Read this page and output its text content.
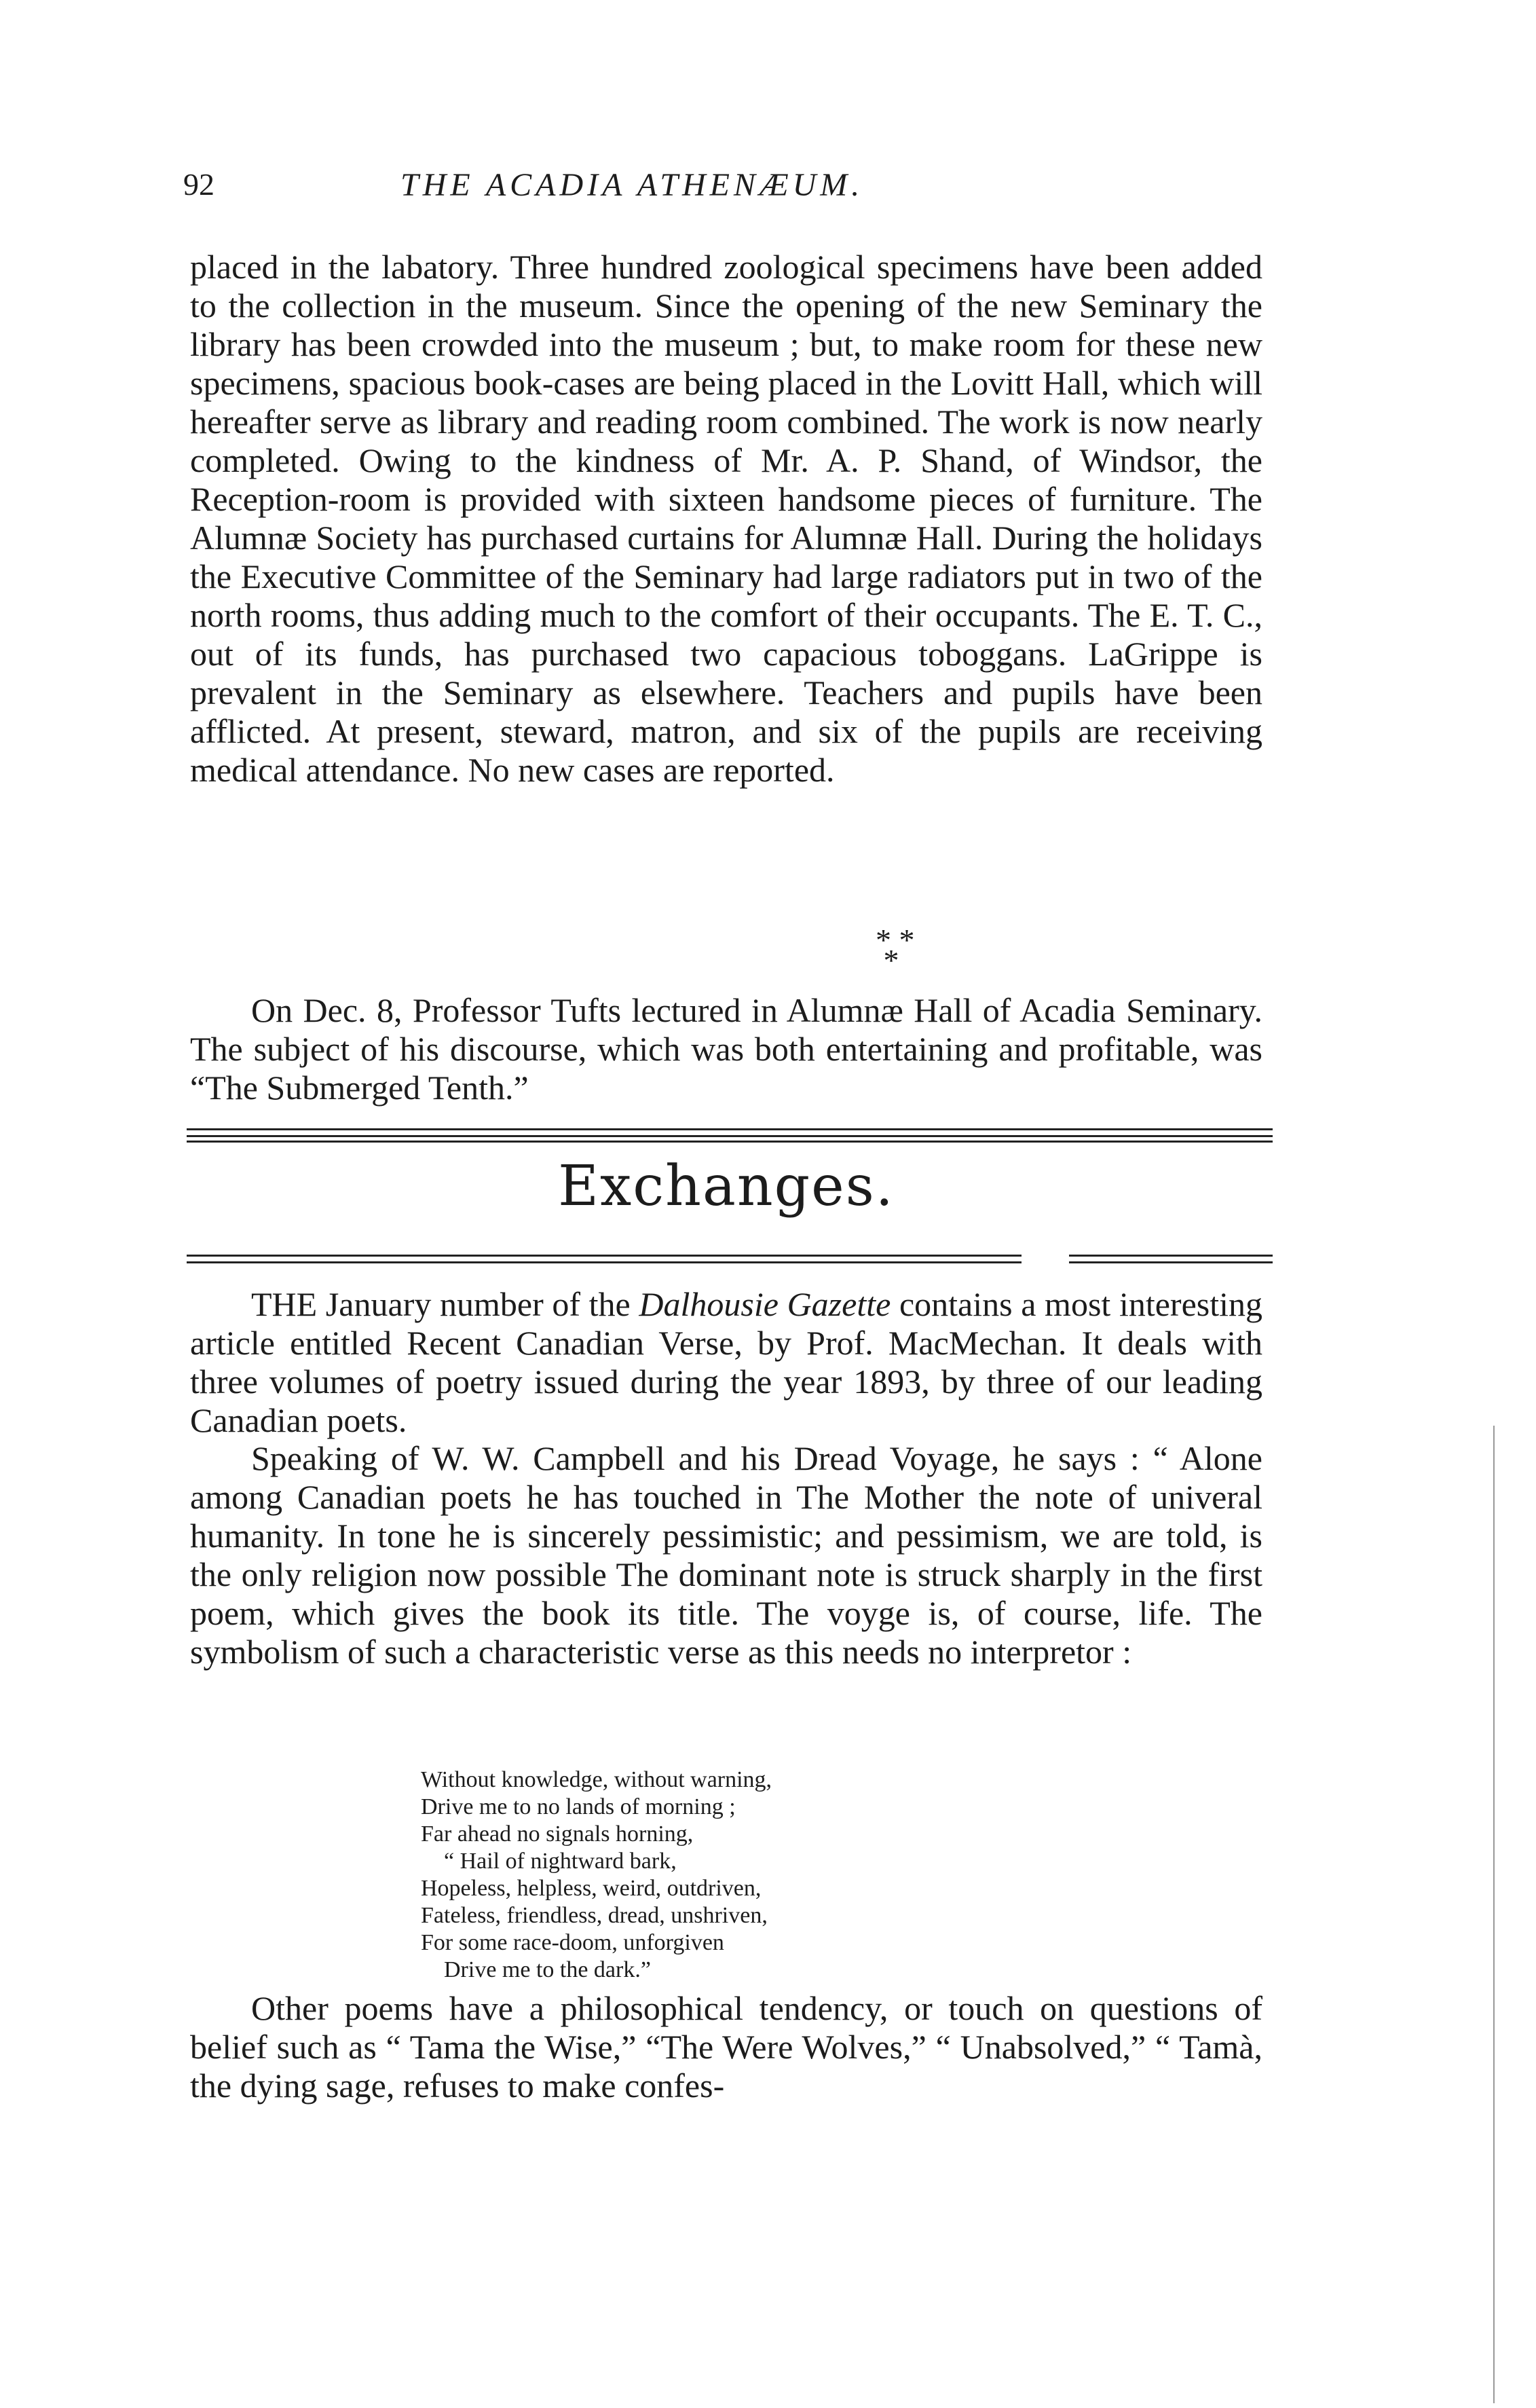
92	THE ACADIA ATHENÆUM.

placed in the labatory. Three hundred zoological specimens have been added to the collection in the museum. Since the opening of the new Seminary the library has been crowded into the museum ; but, to make room for these new specimens, spacious book-cases are being placed in the Lovitt Hall, which will hereafter serve as library and reading room combined. The work is now nearly completed. Owing to the kindness of Mr. A. P. Shand, of Windsor, the Reception-room is provided with sixteen handsome pieces of furniture. The Alumnæ Society has purchased curtains for Alumnæ Hall. During the holidays the Executive Committee of the Seminary had large radiators put in two of the north rooms, thus adding much to the comfort of their occupants. The E. T. C., out of its funds, has purchased two capacious toboggans. LaGrippe is prevalent in the Seminary as elsewhere. Teachers and pupils have been afflicted. At present, steward, matron, and six of the pupils are receiving medical attendance. No new cases are reported.

* *
*

On Dec. 8, Professor Tufts lectured in Alumnæ Hall of Acadia Seminary. The subject of his discourse, which was both entertaining and profitable, was “The Submerged Tenth.”

Exchanges.

THE January number of the Dalhousie Gazette contains a most interesting article entitled Recent Canadian Verse, by Prof. MacMechan. It deals with three volumes of poetry issued during the year 1893, by three of our leading Canadian poets.

Speaking of W. W. Campbell and his Dread Voyage, he says : “ Alone among Canadian poets he has touched in The Mother the note of univeral humanity. In tone he is sincerely pessimistic; and pessimism, we are told, is the only religion now possible The dominant note is struck sharply in the first poem, which gives the book its title. The voyge is, of course, life. The symbolism of such a characteristic verse as this needs no interpretor :

Without knowledge, without warning,
Drive me to no lands of morning ;
Far ahead no signals horning,
“ Hail of nightward bark,
Hopeless, helpless, weird, outdriven,
Fateless, friendless, dread, unshriven,
For some race-doom, unforgiven
Drive me to the dark.”

Other poems have a philosophical tendency, or touch on questions of belief such as “ Tama the Wise,” “The Were Wolves,” “ Unabsolved,” “ Tamà, the dying sage, refuses to make confes-
